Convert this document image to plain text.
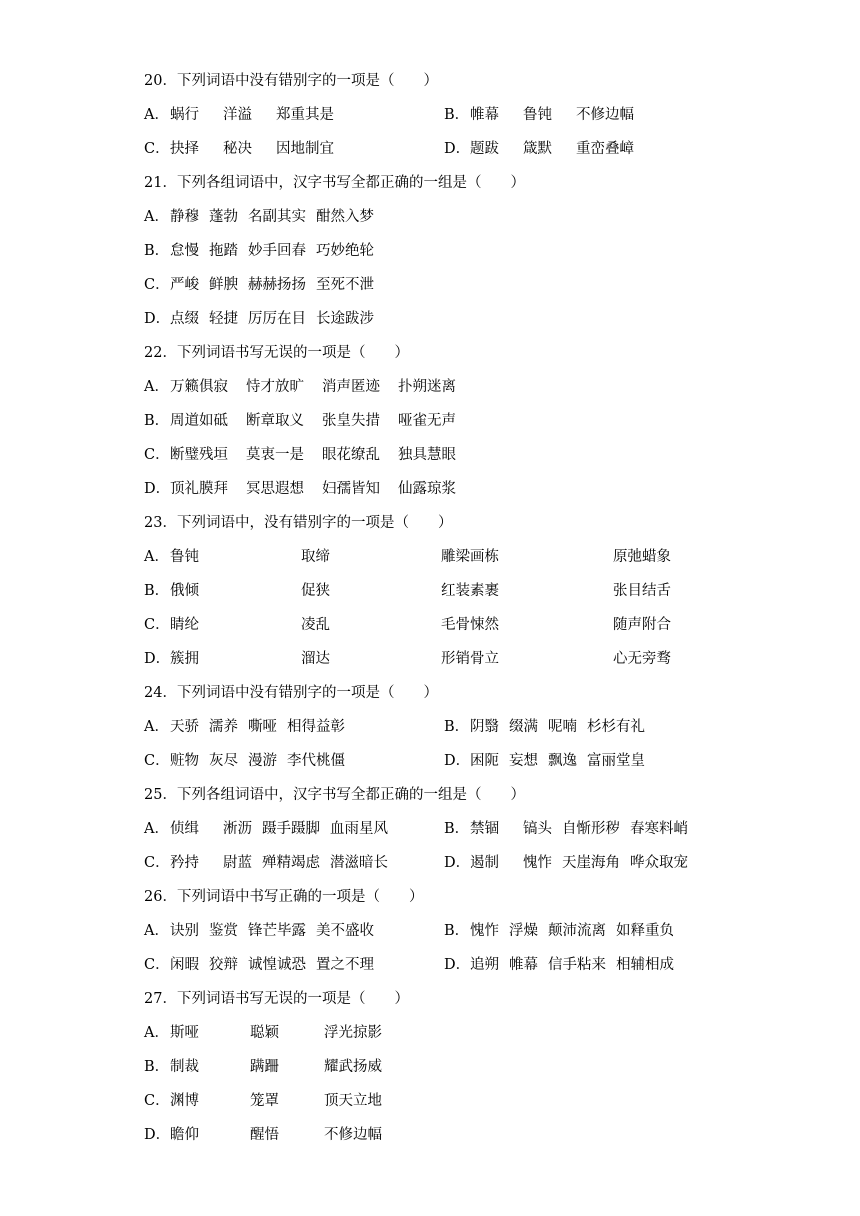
20．下列词语中没有错别字的一项是（　　）
A．蜗行 洋溢 郑重其是	B．帷幕 鲁钝 不修边幅
C．抉择 秘决 因地制宜	D．题跋 箴默 重峦叠嶂
21．下列各组词语中，汉字书写全都正确的一组是（　　）
A．静穆 蓬勃 名副其实 酣然入梦
B．怠慢 拖踏 妙手回春 巧妙绝轮
C．严峻 鲜腴 赫赫扬扬 至死不泄
D．点缀 轻捷 厉厉在目 长途跋涉
22．下列词语书写无误的一项是（　　）
A．万籁俱寂 恃才放旷 消声匿迹 扑朔迷离
B．周道如砥 断章取义 张皇失措 哑雀无声
C．断璧残垣 莫衷一是 眼花缭乱 独具慧眼
D．顶礼膜拜 冥思遐想 妇孺皆知 仙露琼浆
23．下列词语中，没有错别字的一项是（　　）
A．鲁钝	取缔	雕梁画栋	原弛蜡象
B．俄倾	促狭	红装素裹	张目结舌
C．睛纶	凌乱	毛骨悚然	随声附合
D．簇拥	溜达	形销骨立	心无旁骛
24．下列词语中没有错别字的一项是（　　）
A．天骄 濡养 嘶哑 相得益彰	B．阴翳 缀满 呢喃 杉杉有礼
C．赃物 灰尽 漫游 李代桃僵	D．困阨 妄想 飘逸 富丽堂皇
25．下列各组词语中，汉字书写全都正确的一组是（　　）
A．侦缉 淅沥 蹑手蹑脚 血雨星风	B．禁锢 镐头 自惭形秽 春寒料峭
C．矜持 尉蓝 殚精竭虑 潜滋暗长	D．遏制 愧怍 天崖海角 哗众取宠
26．下列词语中书写正确的一项是（　　）
A．诀别 鉴赏 锋芒毕露 美不盛收	B．愧怍 浮燥 颠沛流离 如释重负
C．闲暇 狡辩 诚惶诚恐 置之不理	D．追朔 帷幕 信手粘来 相辅相成
27．下列词语书写无误的一项是（　　）
A．斯哑	聪颖	浮光掠影
B．制裁	蹒跚	耀武扬威
C．渊博	笼罩	顶天立地
D．瞻仰	醒悟	不修边幅
